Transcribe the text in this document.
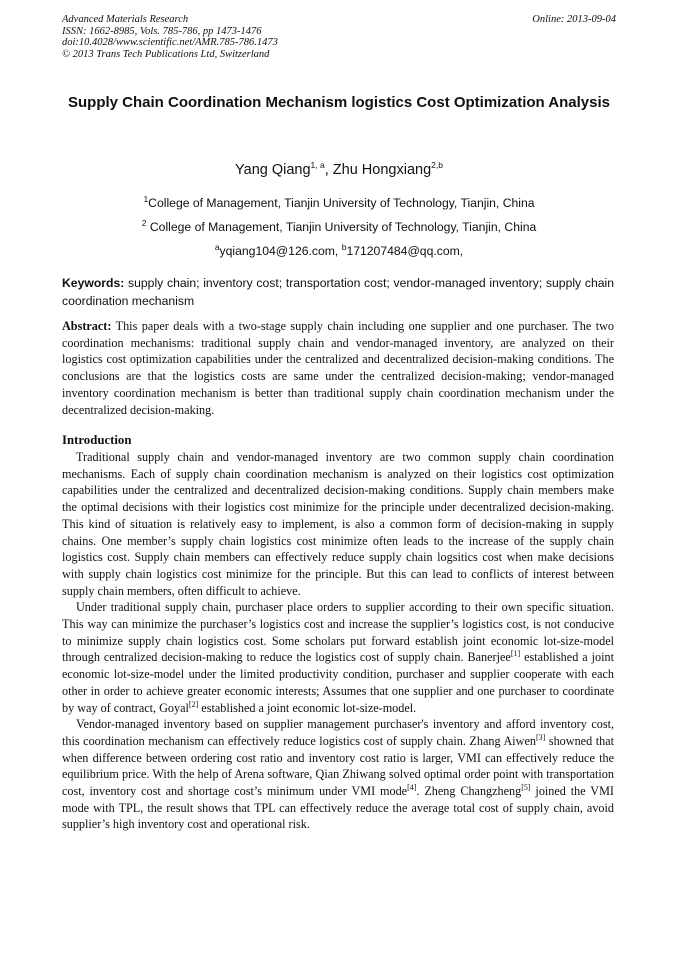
Advanced Materials Research
ISSN: 1662-8985, Vols. 785-786, pp 1473-1476
doi:10.4028/www.scientific.net/AMR.785-786.1473
© 2013 Trans Tech Publications Ltd, Switzerland
Online: 2013-09-04
Supply Chain Coordination Mechanism logistics Cost Optimization Analysis
Yang Qiang$^{1, a}$, Zhu Hongxiang$^{2,b}$
$^1$College of Management, Tianjin University of Technology, Tianjin, China
$^2$ College of Management, Tianjin University of Technology, Tianjin, China
$^a$yqiang104@126.com, $^b$171207484@qq.com,
Keywords: supply chain; inventory cost; transportation cost; vendor-managed inventory; supply chain coordination mechanism

Abstract: This paper deals with a two-stage supply chain including one supplier and one purchaser. The two coordination mechanisms: traditional supply chain and vendor-managed inventory, are analyzed on their logistics cost optimization capabilities under the centralized and decentralized decision-making conditions. The conclusions are that the logistics costs are same under the centralized decision-making; vendor-managed inventory coordination mechanism is better than traditional supply chain coordination mechanism under the decentralized decision-making.

Introduction

Traditional supply chain and vendor-managed inventory are two common supply chain coordination mechanisms. Each of supply chain coordination mechanism is analyzed on their logistics cost optimization capabilities under the centralized and decentralized decision-making conditions. Supply chain members make the optimal decisions with their logistics cost minimize for the principle under decentralized decision-making. This kind of situation is relatively easy to implement, is also a common form of decision-making in supply chains. One member’s supply chain logistics cost minimize often leads to the increase of the supply chain logistics cost. Supply chain members can effectively reduce supply chain logsitics cost when make decisions with supply chain logistics cost minimize for the principle. But this can lead to conflicts of interest between supply chain members, often difficult to achieve.

Under traditional supply chain, purchaser place orders to supplier according to their own specific situation. This way can minimize the purchaser’s logistics cost and increase the supplier’s logistics cost, is not conducive to minimize supply chain logistics cost. Some scholars put forward establish joint economic lot-size-model through centralized decision-making to reduce the logistics cost of supply chain. Banerjee[1] established a joint economic lot-size-model under the limited productivity condition, purchaser and supplier cooperate with each other in order to achieve greater economic interests; Assumes that one supplier and one purchaser to coordinate by way of contract, Goyal[2] established a joint economic lot-size-model.

Vendor-managed inventory based on supplier management purchaser's inventory and afford inventory cost, this coordination mechanism can effectively reduce logistics cost of supply chain. Zhang Aiwen[3] showned that when difference between ordering cost ratio and inventory cost ratio is larger, VMI can effectively reduce the equilibrium price. With the help of Arena software, Qian Zhiwang solved optimal order point with transportation cost, inventory cost and shortage cost’s minimum under VMI mode[4]. Zheng Changzheng[5] joined the VMI mode with TPL, the result shows that TPL can effectively reduce the average total cost of supply chain, avoid supplier’s high inventory cost and operational risk.
